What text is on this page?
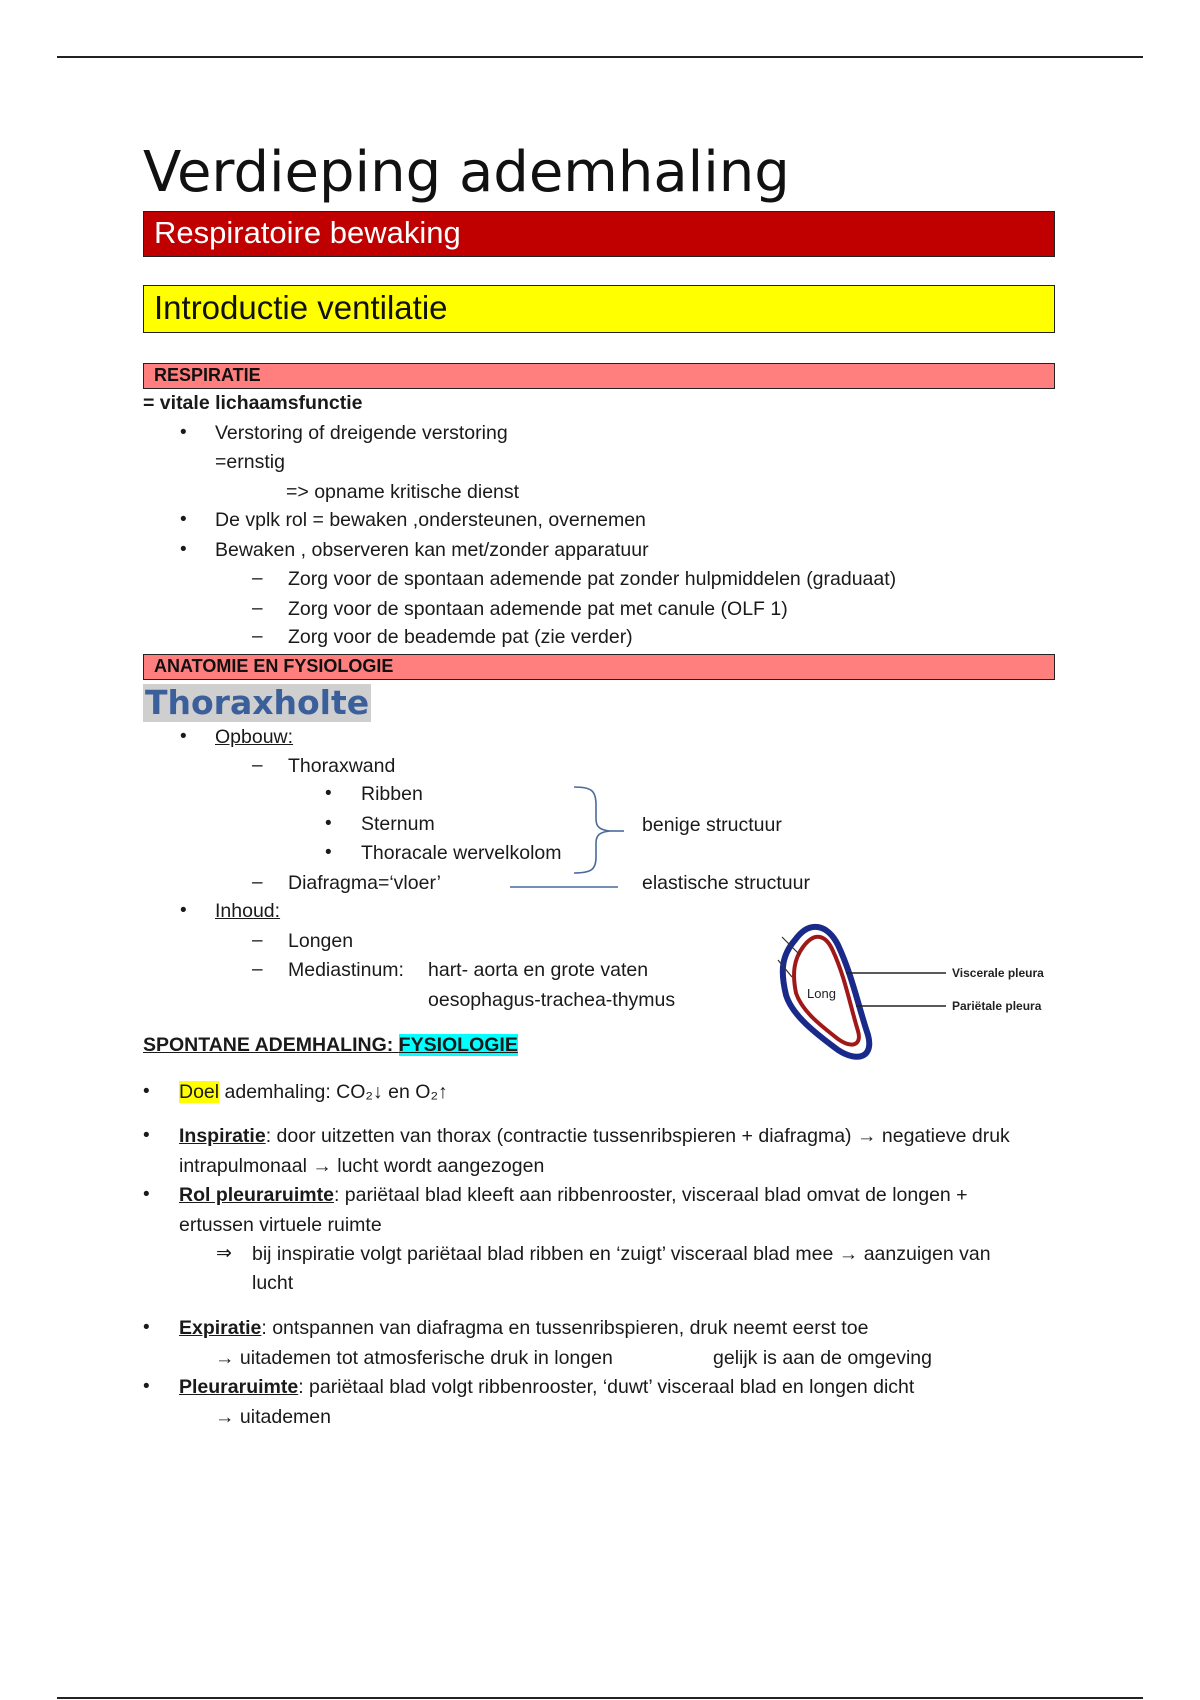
Verdieping ademhaling
Respiratoire bewaking
Introductie ventilatie
RESPIRATIE
= vitale lichaamsfunctie
• Verstoring of dreigende verstoring
=ernstig
=> opname kritische dienst
• De vplk rol = bewaken ,ondersteunen, overnemen
• Bewaken , observeren kan met/zonder apparatuur
– Zorg voor de spontaan ademende pat zonder hulpmiddelen (graduaat)
– Zorg voor de spontaan ademende pat met canule (OLF 1)
– Zorg voor de beademde pat (zie verder)
ANATOMIE EN FYSIOLOGIE
Thoraxholte
• Opbouw:
– Thoraxwand
• Ribben
• Sternum
• Thoracale wervelkolom
benige structuur
– Diafragma=‘vloer’	elastische structuur
• Inhoud:
– Longen
– Mediastinum: hart- aorta en grote vaten
oesophagus-trachea-thymus	Long
Viscerale pleura
Pariëtale pleura
SPONTANE ADEMHALING: FYSIOLOGIE
• Doel ademhaling: CO₂↓ en O₂↑
• Inspiratie: door uitzetten van thorax (contractie tussenribspieren + diafragma) → negatieve druk
intrapulmonaal → lucht wordt aangezogen
• Rol pleuraruimte: pariëtaal blad kleeft aan ribbenrooster, visceraal blad omvat de longen +
ertussen virtuele ruimte
⇒ bij inspiratie volgt pariëtaal blad ribben en ‘zuigt’ visceraal blad mee → aanzuigen van
lucht
• Expiratie: ontspannen van diafragma en tussenribspieren, druk neemt eerst toe
→ uitademen tot atmosferische druk in longen	gelijk is aan de omgeving
• Pleuraruimte: pariëtaal blad volgt ribbenrooster, ‘duwt’ visceraal blad en longen dicht
→ uitademen
